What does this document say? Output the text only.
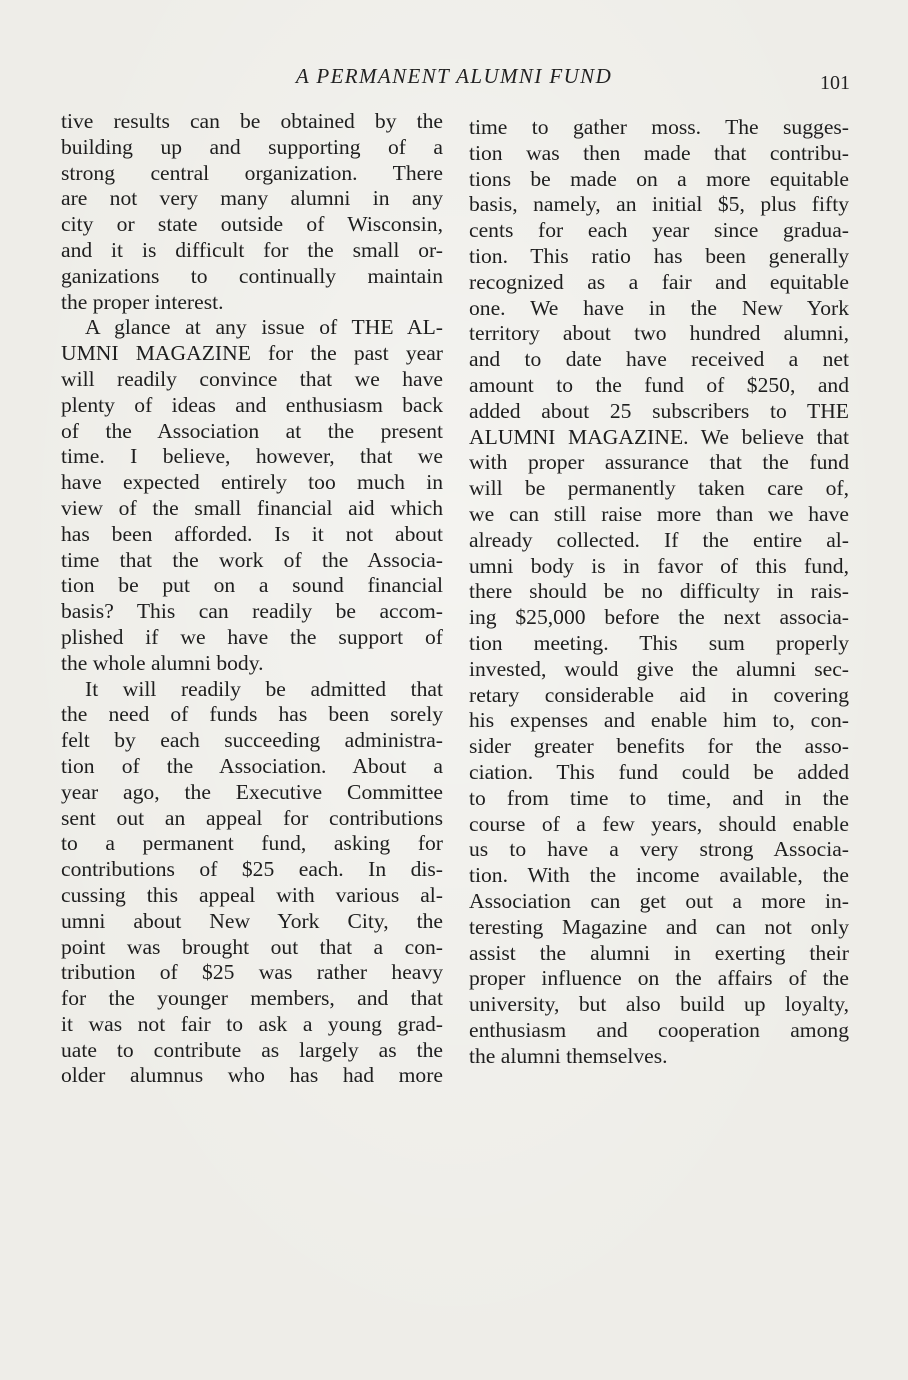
A PERMANENT ALUMNI FUND	101
tive results can be obtained by the
building up and supporting of a
strong central organization. There
are not very many alumni in any
city or state outside of Wisconsin,
and it is difficult for the small or-
ganizations to continually maintain
the proper interest.
A glance at any issue of THE AL-
UMNI MAGAZINE for the past year
will readily convince that we have
plenty of ideas and enthusiasm back
of the Association at the present
time. I believe, however, that we
have expected entirely too much in
view of the small financial aid which
has been afforded. Is it not about
time that the work of the Associa-
tion be put on a sound financial
basis? This can readily be accom-
plished if we have the support of
the whole alumni body.
It will readily be admitted that
the need of funds has been sorely
felt by each succeeding administra-
tion of the Association. About a
year ago, the Executive Committee
sent out an appeal for contributions
to a permanent fund, asking for
contributions of $25 each. In dis-
cussing this appeal with various al-
umni about New York City, the
point was brought out that a con-
tribution of $25 was rather heavy
for the younger members, and that
it was not fair to ask a young grad-
uate to contribute as largely as the
older alumnus who has had more
time to gather moss. The sugges-
tion was then made that contribu-
tions be made on a more equitable
basis, namely, an initial $5, plus fifty
cents for each year since gradua-
tion. This ratio has been generally
recognized as a fair and equitable
one. We have in the New York
territory about two hundred alumni,
and to date have received a net
amount to the fund of $250, and
added about 25 subscribers to THE
ALUMNI MAGAZINE. We believe that
with proper assurance that the fund
will be permanently taken care of,
we can still raise more than we have
already collected. If the entire al-
umni body is in favor of this fund,
there should be no difficulty in rais-
ing $25,000 before the next associa-
tion meeting. This sum properly
invested, would give the alumni sec-
retary considerable aid in covering
his expenses and enable him to, con-
sider greater benefits for the asso-
ciation. This fund could be added
to from time to time, and in the
course of a few years, should enable
us to have a very strong Associa-
tion. With the income available, the
Association can get out a more in-
teresting Magazine and can not only
assist the alumni in exerting their
proper influence on the affairs of the
university, but also build up loyalty,
enthusiasm and cooperation among
the alumni themselves.
